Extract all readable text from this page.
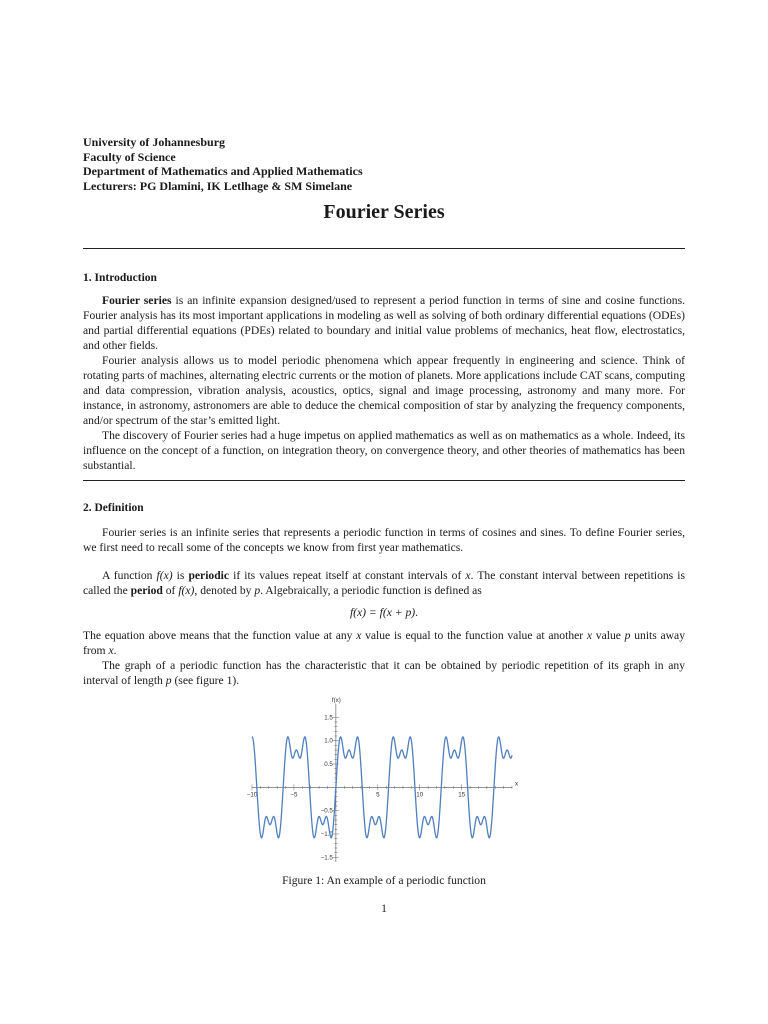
University of Johannesburg
Faculty of Science
Department of Mathematics and Applied Mathematics
Lecturers: PG Dlamini, IK Letlhage & SM Simelane
Fourier Series
1. Introduction

Fourier series is an infinite expansion designed/used to represent a period function in terms of sine and cosine functions. Fourier analysis has its most important applications in modeling as well as solving of both ordinary differential equations (ODEs) and partial differential equations (PDEs) related to boundary and initial value problems of mechanics, heat flow, electrostatics, and other fields.

Fourier analysis allows us to model periodic phenomena which appear frequently in engineering and science. Think of rotating parts of machines, alternating electric currents or the motion of planets. More applications include CAT scans, computing and data compression, vibration analysis, acoustics, optics, signal and image processing, astronomy and many more. For instance, in astronomy, astronomers are able to deduce the chemical composition of star by analyzing the frequency components, and/or spectrum of the star’s emitted light.

The discovery of Fourier series had a huge impetus on applied mathematics as well as on mathematics as a whole. Indeed, its influence on the concept of a function, on integration theory, on convergence theory, and other theories of mathematics has been substantial.

2. Definition

Fourier series is an infinite series that represents a periodic function in terms of cosines and sines. To define Fourier series, we first need to recall some of the concepts we know from first year mathematics.

A function f(x) is periodic if its values repeat itself at constant intervals of x. The constant interval between repetitions is called the period of f(x), denoted by p. Algebraically, a periodic function is defined as

f(x) = f(x + p).

The equation above means that the function value at any x value is equal to the function value at another x value p units away from x.

The graph of a periodic function has the characteristic that it can be obtained by periodic repetition of its graph in any interval of length p (see figure 1).

−10	−5	5	10	15
−1.5
−1.0
−0.5
0.5
1.0
1.5
x
f(x)
Figure 1: An example of a periodic function
1
